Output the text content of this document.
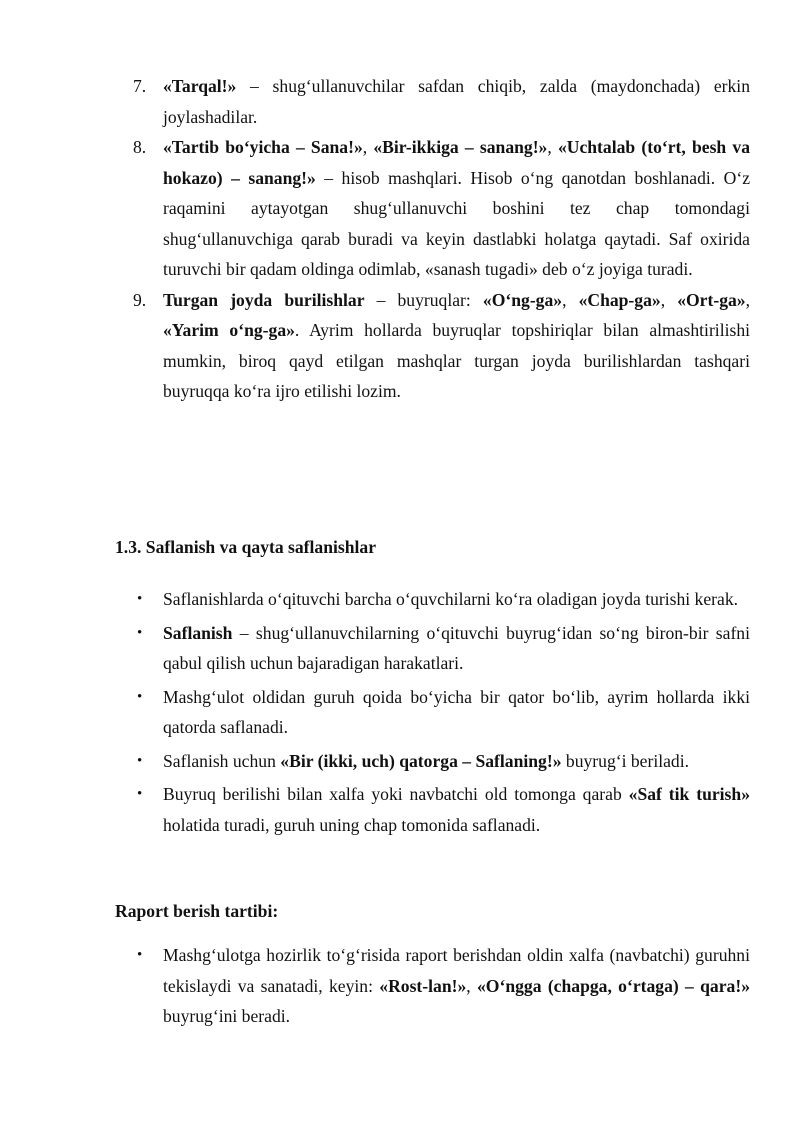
7. «Tarqal!» – shug‘ullanuvchilar safdan chiqib, zalda (maydonchada) erkin joylashadilar.
8. «Tartib bo‘yicha – Sana!», «Bir-ikkiga – sanang!», «Uchtalab (to‘rt, besh va hokazo) – sanang!» – hisob mashqlari. Hisob o‘ng qanotdan boshlanadi. O‘z raqamini aytayotgan shug‘ullanuvchi boshini tez chap tomondagi shug‘ullanuvchiga qarab buradi va keyin dastlabki holatga qaytadi. Saf oxirida turuvchi bir qadam oldinga odimlab, «sanash tugadi» deb o‘z joyiga turadi.
9. Turgan joyda burilishlar – buyruqlar: «O‘ng-ga», «Chap-ga», «Ort-ga», «Yarim o‘ng-ga». Ayrim hollarda buyruqlar topshiriqlar bilan almashtirilishi mumkin, biroq qayd etilgan mashqlar turgan joyda burilishlardan tashqari buyruqqa ko‘ra ijro etilishi lozim.
1.3. Saflanish va qayta saflanishlar
• Saflanishlarda o‘qituvchi barcha o‘quvchilarni ko‘ra oladigan joyda turishi kerak.
• Saflanish – shug‘ullanuvchilarning o‘qituvchi buyrug‘idan so‘ng biron-bir safni qabul qilish uchun bajaradigan harakatlari.
• Mashg‘ulot oldidan guruh qoida bo‘yicha bir qator bo‘lib, ayrim hollarda ikki qatorda saflanadi.
• Saflanish uchun «Bir (ikki, uch) qatorga – Saflaning!» buyrug‘i beriladi.
• Buyruq berilishi bilan xalfa yoki navbatchi old tomonga qarab «Saf tik turish» holatida turadi, guruh uning chap tomonida saflanadi.
Raport berish tartibi:
• Mashg‘ulotga hozirlik to‘g‘risida raport berishdan oldin xalfa (navbatchi) guruhni tekislaydi va sanatadi, keyin: «Rost-lan!», «O‘ngga (chapga, o‘rtaga) – qara!» buyrug‘ini beradi.
